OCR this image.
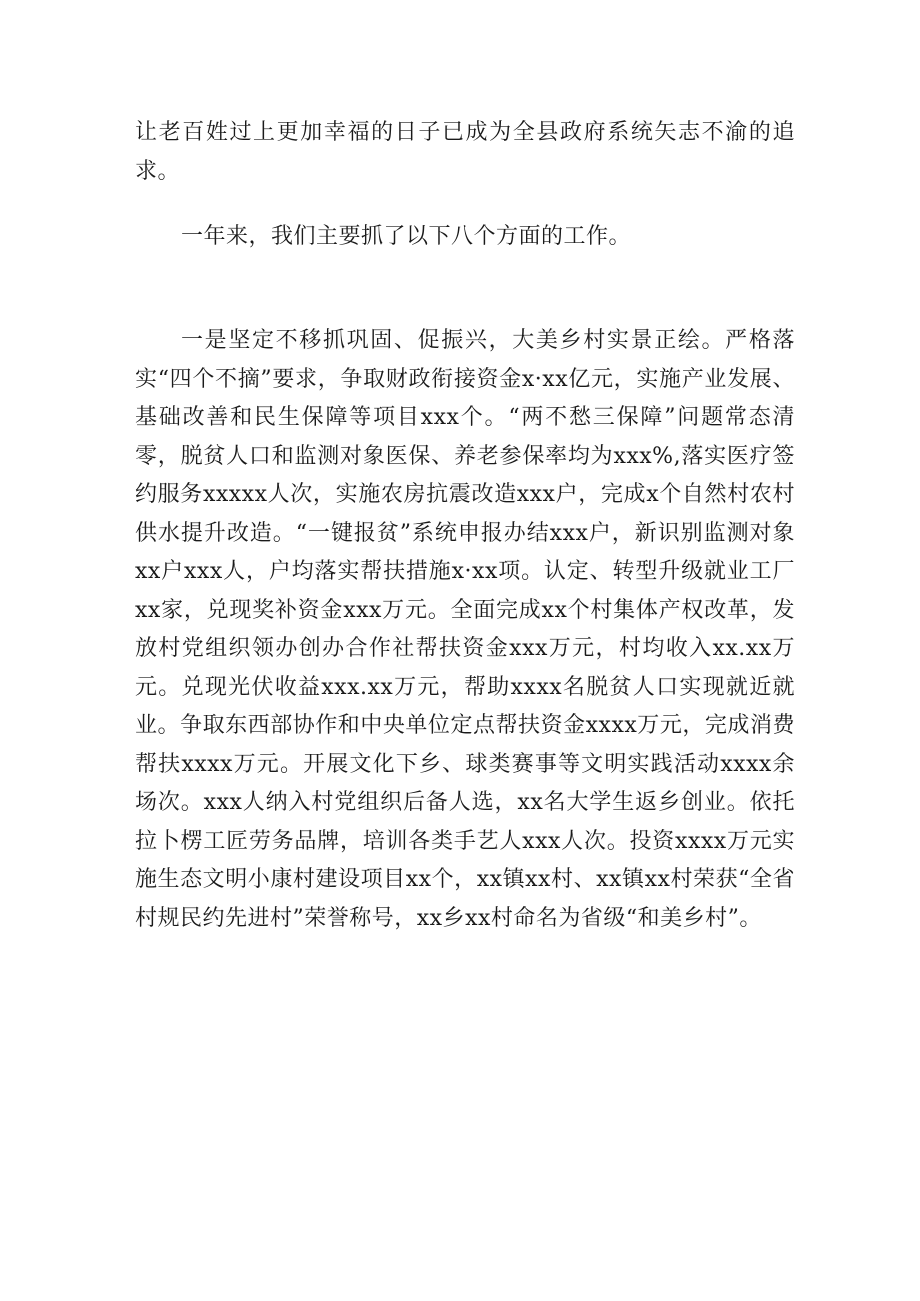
让老百姓过上更加幸福的日子已成为全县政府系统矢志不渝的追求。

一年来，我们主要抓了以下八个方面的工作。

一是坚定不移抓巩固、促振兴，大美乡村实景正绘。严格落实“四个不摘”要求，争取财政衔接资金x·xx亿元，实施产业发展、基础改善和民生保障等项目xxx个。“两不愁三保障”问题常态清零，脱贫人口和监测对象医保、养老参保率均为xxx%,落实医疗签约服务xxxxx人次，实施农房抗震改造xxx户，完成x个自然村农村供水提升改造。“一键报贫”系统申报办结xxx户，新识别监测对象xx户xxx人，户均落实帮扶措施x·xx项。认定、转型升级就业工厂xx家，兑现奖补资金xxx万元。全面完成xx个村集体产权改革，发放村党组织领办创办合作社帮扶资金xxx万元，村均收入xx.xx万元。兑现光伏收益xxx.xx万元，帮助xxxx名脱贫人口实现就近就业。争取东西部协作和中央单位定点帮扶资金xxxx万元，完成消费帮扶xxxx万元。开展文化下乡、球类赛事等文明实践活动xxxx余场次。xxx人纳入村党组织后备人选，xx名大学生返乡创业。依托拉卜楞工匠劳务品牌，培训各类手艺人xxx人次。投资xxxx万元实施生态文明小康村建设项目xx个，xx镇xx村、xx镇xx村荣获“全省村规民约先进村”荣誉称号，xx乡xx村命名为省级“和美乡村”。
